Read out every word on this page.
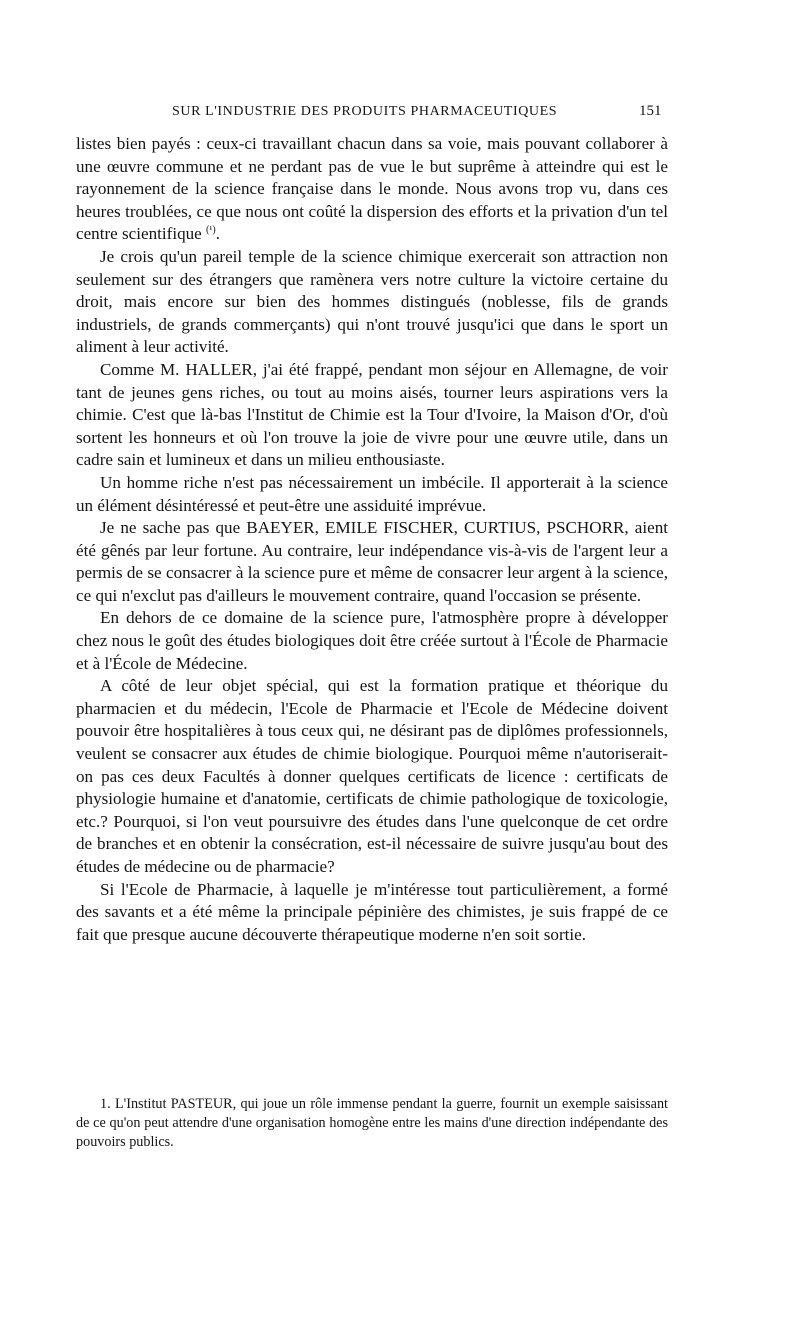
SUR L'INDUSTRIE DES PRODUITS PHARMACEUTIQUES	151

listes bien payés : ceux-ci travaillant chacun dans sa voie, mais pouvant collaborer à une œuvre commune et ne perdant pas de vue le but suprême à atteindre qui est le rayonnement de la science française dans le monde. Nous avons trop vu, dans ces heures troublées, ce que nous ont coûté la dispersion des efforts et la privation d'un tel centre scientifique $^{(^1)}$.

Je crois qu'un pareil temple de la science chimique exercerait son attraction non seulement sur des étrangers que ramènera vers notre culture la victoire certaine du droit, mais encore sur bien des hommes distingués (noblesse, fils de grands industriels, de grands commerçants) qui n'ont trouvé jusqu'ici que dans le sport un aliment à leur activité.

Comme M. HALLER, j'ai été frappé, pendant mon séjour en Allemagne, de voir tant de jeunes gens riches, ou tout au moins aisés, tourner leurs aspirations vers la chimie. C'est que là-bas l'Institut de Chimie est la Tour d'Ivoire, la Maison d'Or, d'où sortent les honneurs et où l'on trouve la joie de vivre pour une œuvre utile, dans un cadre sain et lumineux et dans un milieu enthousiaste.

Un homme riche n'est pas nécessairement un imbécile. Il apporterait à la science un élément désintéressé et peut-être une assiduité imprévue.

Je ne sache pas que BAEYER, EMILE FISCHER, CURTIUS, PSCHORR, aient été gênés par leur fortune. Au contraire, leur indépendance vis-à-vis de l'argent leur a permis de se consacrer à la science pure et même de consacrer leur argent à la science, ce qui n'exclut pas d'ailleurs le mouvement contraire, quand l'occasion se présente.

En dehors de ce domaine de la science pure, l'atmosphère propre à développer chez nous le goût des études biologiques doit être créée surtout à l'École de Pharmacie et à l'École de Médecine.

A côté de leur objet spécial, qui est la formation pratique et théorique du pharmacien et du médecin, l'Ecole de Pharmacie et l'Ecole de Médecine doivent pouvoir être hospitalières à tous ceux qui, ne désirant pas de diplômes professionnels, veulent se consacrer aux études de chimie biologique. Pourquoi même n'autoriserait-on pas ces deux Facultés à donner quelques certificats de licence : certificats de physiologie humaine et d'anatomie, certificats de chimie pathologique de toxicologie, etc.? Pourquoi, si l'on veut poursuivre des études dans l'une quelconque de cet ordre de branches et en obtenir la consécration, est-il nécessaire de suivre jusqu'au bout des études de médecine ou de pharmacie?

Si l'Ecole de Pharmacie, à laquelle je m'intéresse tout particulièrement, a formé des savants et a été même la principale pépinière des chimistes, je suis frappé de ce fait que presque aucune découverte thérapeutique moderne n'en soit sortie.

1. L'Institut PASTEUR, qui joue un rôle immense pendant la guerre, fournit un exemple saisissant de ce qu'on peut attendre d'une organisation homogène entre les mains d'une direction indépendante des pouvoirs publics.
